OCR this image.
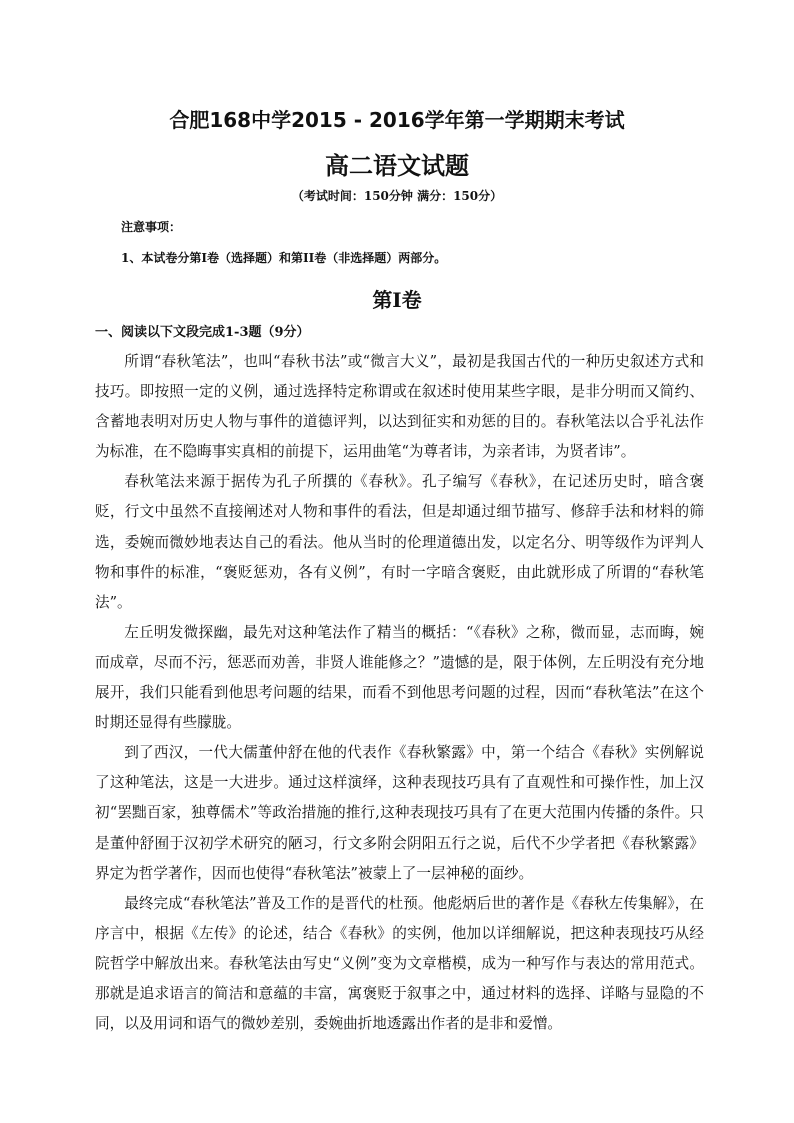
合肥168中学2015 - 2016学年第一学期期末考试
高二语文试题
（考试时间：150分钟 满分：150分）
注意事项：
1、本试卷分第I卷（选择题）和第II卷（非选择题）两部分。
第Ⅰ卷
一、阅读以下文段完成1-3题（9分）

所谓“春秋笔法”，也叫“春秋书法”或“微言大义”，最初是我国古代的一种历史叙述方式和技巧。即按照一定的义例，通过选择特定称谓或在叙述时使用某些字眼，是非分明而又简约、含蓄地表明对历史人物与事件的道德评判，以达到征实和劝惩的目的。春秋笔法以合乎礼法作为标准，在不隐晦事实真相的前提下，运用曲笔“为尊者讳，为亲者讳，为贤者讳”。

春秋笔法来源于据传为孔子所撰的《春秋》。孔子编写《春秋》，在记述历史时，暗含褒贬，行文中虽然不直接阐述对人物和事件的看法，但是却通过细节描写、修辞手法和材料的筛选，委婉而微妙地表达自己的看法。他从当时的伦理道德出发，以定名分、明等级作为评判人物和事件的标准，“褒贬惩劝，各有义例”，有时一字暗含褒贬，由此就形成了所谓的“春秋笔法”。

左丘明发微探幽，最先对这种笔法作了精当的概括：“《春秋》之称，微而显，志而晦，婉而成章，尽而不污，惩恶而劝善，非贤人谁能修之？”遗憾的是，限于体例，左丘明没有充分地展开，我们只能看到他思考问题的结果，而看不到他思考问题的过程，因而“春秋笔法”在这个时期还显得有些朦胧。

到了西汉，一代大儒董仲舒在他的代表作《春秋繁露》中，第一个结合《春秋》实例解说了这种笔法，这是一大进步。通过这样演绎，这种表现技巧具有了直观性和可操作性，加上汉初“罢黜百家，独尊儒术”等政治措施的推行,这种表现技巧具有了在更大范围内传播的条件。只是董仲舒囿于汉初学术研究的陋习，行文多附会阴阳五行之说，后代不少学者把《春秋繁露》界定为哲学著作，因而也使得“春秋笔法”被蒙上了一层神秘的面纱。

最终完成“春秋笔法”普及工作的是晋代的杜预。他彪炳后世的著作是《春秋左传集解》，在序言中，根据《左传》的论述，结合《春秋》的实例，他加以详细解说，把这种表现技巧从经院哲学中解放出来。春秋笔法由写史“义例”变为文章楷模，成为一种写作与表达的常用范式。那就是追求语言的简洁和意蕴的丰富，寓褒贬于叙事之中，通过材料的选择、详略与显隐的不同，以及用词和语气的微妙差别，委婉曲折地透露出作者的是非和爱憎。
